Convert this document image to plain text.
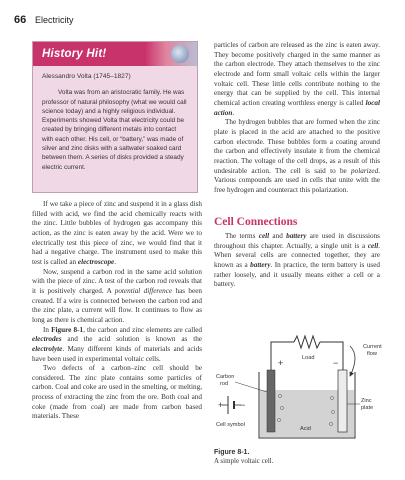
66 Electricity
History Hit!
Alessandro Volta (1745–1827)
Volta was from an aristocratic family. He was professor of natural philosophy (what we would call science today) and a highly religious individual. Experiments showed Volta that electricity could be created by bringing different metals into contact with each other. His cell, or “battery,” was made of silver and zinc disks with a saltwater soaked card between them. A series of disks provided a steady electric current.

If we take a piece of zinc and suspend it in a glass dish filled with acid, we find the acid chemically reacts with the zinc. Little bubbles of hydrogen gas accompany this action, as the zinc is eaten away by the acid. Were we to electrically test this piece of zinc, we would find that it had a negative charge. The instrument used to make this test is called an electroscope.

Now, suspend a carbon rod in the same acid solution with the piece of zinc. A test of the carbon rod reveals that it is positively charged. A potential difference has been created. If a wire is connected between the carbon rod and the zinc plate, a current will flow. It continues to flow as long as there is chemical action.

In Figure 8-1, the carbon and zinc elements are called electrodes and the acid solution is known as the electrolyte. Many different kinds of materials and acids have been used in experimental voltaic cells.

Two defects of a carbon–zinc cell should be considered. The zinc plate contains some particles of carbon. Coal and coke are used in the smelting, or melting, process of extracting the zinc from the ore. Both coal and coke (made from coal) are made from carbon based materials. These

particles of carbon are released as the zinc is eaten away. They become positively charged in the same manner as the carbon electrode. They attach themselves to the zinc electrode and form small voltaic cells within the larger voltaic cell. These little cells contribute nothing to the energy that can be supplied by the cell. This internal chemical action creating worthless energy is called local action.

The hydrogen bubbles that are formed when the zinc plate is placed in the acid are attached to the positive carbon electrode. These bubbles form a coating around the carbon and effectively insulate it from the chemical reaction. The voltage of the cell drops, as a result of this undesirable action. The cell is said to be polarized. Various compounds are used in cells that unite with the free hydrogen and counteract this polarization.

Cell Connections

The terms cell and battery are used in discussions throughout this chapter. Actually, a single unit is a cell. When several cells are connected together, they are known as a battery. In practice, the term battery is used rather loosely, and it usually means either a cell or a battery.

Load
+	−
Current
flow
Acid
Carbon
rod
Zinc
plate
+ −
Cell symbol
Figure 8-1.
A simple voltaic cell.
